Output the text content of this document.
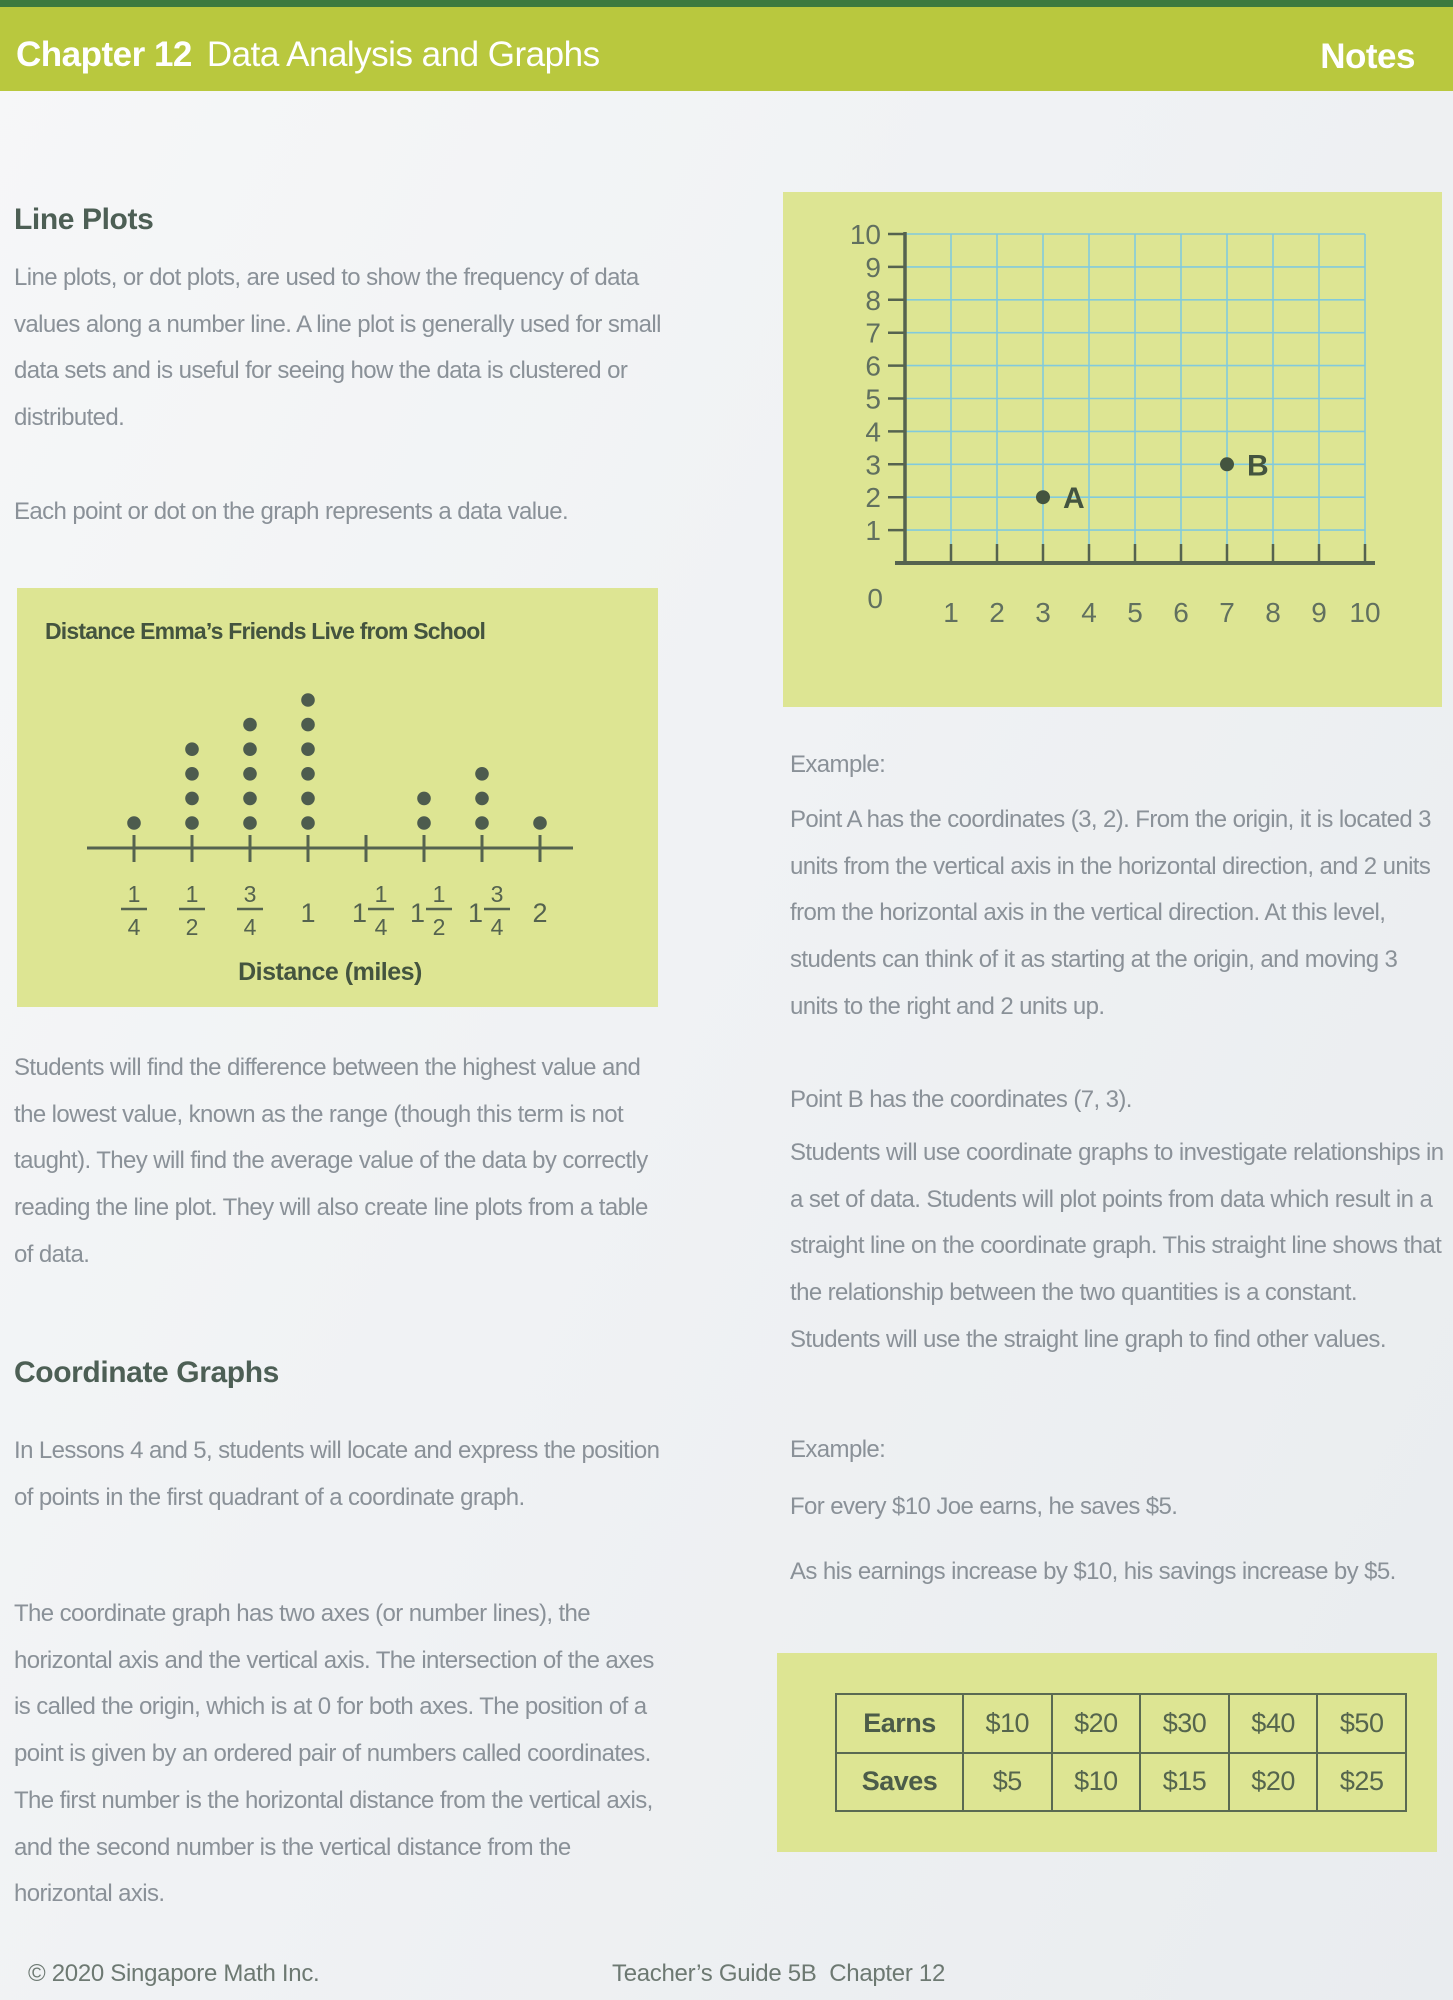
Chapter 12 Data Analysis and Graphs	Notes
Line Plots
Line plots, or dot plots, are used to show the frequency of data values along a number line. A line plot is generally used for small data sets and is useful for seeing how the data is clustered or distributed.
Each point or dot on the graph represents a data value.
Distance Emma’s Friends Live from School
1
4
1
2
3
4 1
1
4
1
1
2
1
3
4
1 2
Distance (miles)
Students will find the difference between the highest value and the lowest value, known as the range (though this term is not taught). They will find the average value of the data by correctly reading the line plot. They will also create line plots from a table of data.
Coordinate Graphs
In Lessons 4 and 5, students will locate and express the position of points in the first quadrant of a coordinate graph.
The coordinate graph has two axes (or number lines), the horizontal axis and the vertical axis. The intersection of the axes is called the origin, which is at 0 for both axes. The position of a point is given by an ordered pair of numbers called coordinates. The first number is the horizontal distance from the vertical axis, and the second number is the vertical distance from the horizontal axis.
1
2
3
4
5
6
7
8
9
10
1 2 3 4 5 6 7 8 9 10
0
A
B
Example:
Point A has the coordinates (3, 2). From the origin, it is located 3 units from the vertical axis in the horizontal direction, and 2 units from the horizontal axis in the vertical direction. At this level, students can think of it as starting at the origin, and moving 3 units to the right and 2 units up.
Point B has the coordinates (7, 3).
Students will use coordinate graphs to investigate relationships in a set of data. Students will plot points from data which result in a straight line on the coordinate graph. This straight line shows that the relationship between the two quantities is a constant. Students will use the straight line graph to find other values.
Example:
For every $10 Joe earns, he saves $5.
As his earnings increase by $10, his savings increase by $5.
Earns	$10	$20	$30	$40	$50
Saves	$5	$10	$15	$20	$25
© 2020 Singapore Math Inc.	Teacher’s Guide 5B  Chapter 12
